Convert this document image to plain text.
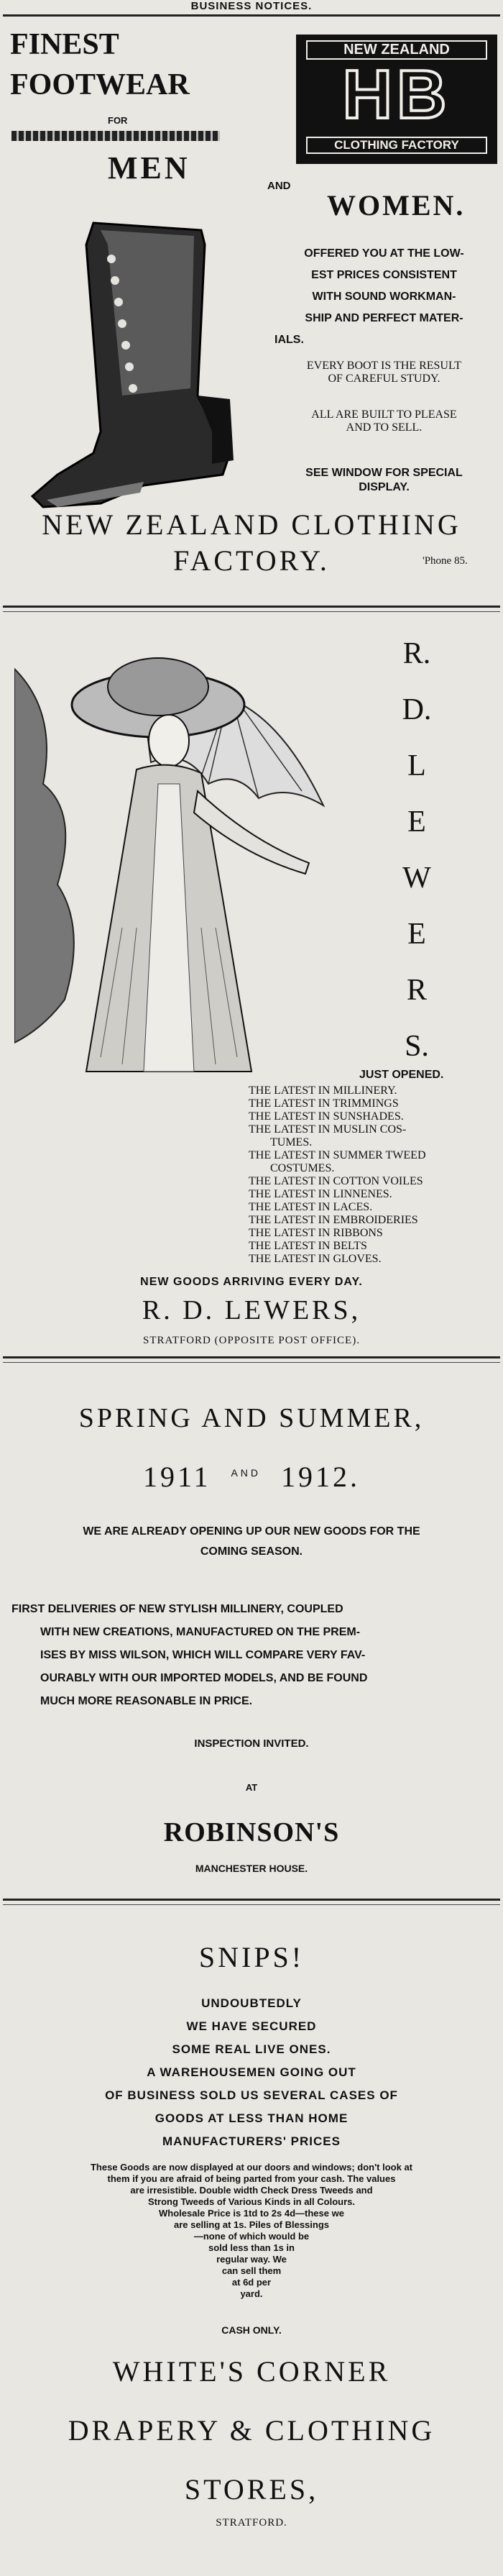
BUSINESS NOTICES.
FINEST
FOOTWEAR
FOR
MEN
AND
WOMEN.
NEW ZEALAND
HB
CLOTHING FACTORY
OFFERED YOU AT THE LOW-
EST PRICES CONSISTENT
WITH SOUND WORKMAN-
SHIP AND PERFECT MATER-
IALS.
EVERY BOOT IS THE RESULT
OF CAREFUL STUDY.
ALL ARE BUILT TO PLEASE
AND TO SELL.
SEE WINDOW FOR SPECIAL
DISPLAY.
NEW ZEALAND CLOTHING
FACTORY.	'Phone 85.
R.
D.
L
E
W
E
R
S.
JUST OPENED.
THE LATEST IN MILLINERY.
THE LATEST IN TRIMMINGS
THE LATEST IN SUNSHADES.
THE LATEST IN MUSLIN COS-
TUMES.
THE LATEST IN SUMMER TWEED
COSTUMES.
THE LATEST IN COTTON VOILES
THE LATEST IN LINNENES.
THE LATEST IN LACES.
THE LATEST IN EMBROIDERIES
THE LATEST IN RIBBONS
THE LATEST IN BELTS
THE LATEST IN GLOVES.
NEW GOODS ARRIVING EVERY DAY.
R. D. LEWERS,
STRATFORD (OPPOSITE POST OFFICE).
SPRING AND SUMMER,
1911 $^{AND}$ 1912.
WE ARE ALREADY OPENING UP OUR NEW GOODS FOR THE
COMING SEASON.
FIRST DELIVERIES OF NEW STYLISH MILLINERY, COUPLED
WITH NEW CREATIONS, MANUFACTURED ON THE PREM-
ISES BY MISS WILSON, WHICH WILL COMPARE VERY FAV-
OURABLY WITH OUR IMPORTED MODELS, AND BE FOUND
MUCH MORE REASONABLE IN PRICE.
INSPECTION INVITED.
AT
ROBINSON'S
MANCHESTER HOUSE.
SNIPS!
UNDOUBTEDLY
WE HAVE SECURED
SOME REAL LIVE ONES.
A WAREHOUSEMEN GOING OUT
OF BUSINESS SOLD US SEVERAL CASES OF
GOODS AT LESS THAN HOME
MANUFACTURERS' PRICES
These Goods are now displayed at our doors and windows; don't look at
them if you are afraid of being parted from your cash. The values
are irresistible. Double width Check Dress Tweeds and
Strong Tweeds of Various Kinds in all Colours.
Wholesale Price is 1td to 2s 4d—these we
are selling at 1s. Piles of Blessings
—none of which would be
sold less than 1s in
regular way. We
can sell them
at 6d per
yard.
CASH ONLY.
WHITE'S CORNER
DRAPERY & CLOTHING
STORES,
STRATFORD.
